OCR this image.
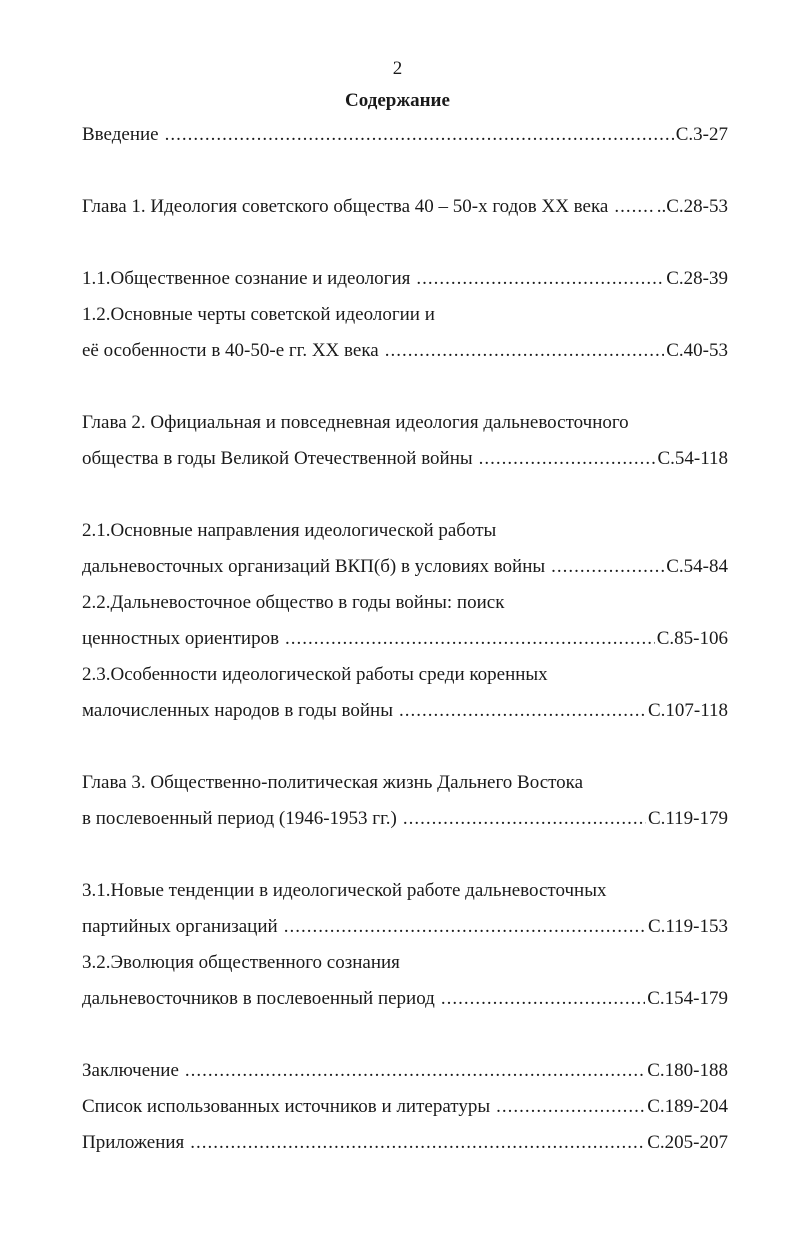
2
Содержание
Введение .....	С.3-27
Глава 1. Идеология советского общества 40 – 50-х годов XX века .....	..С.28-53
1.1.Общественное сознание и идеология .....	С.28-39
1.2.Основные черты советской идеологии и
её особенности в 40-50-е гг. XX века .....	С.40-53
Глава 2. Официальная и повседневная идеология дальневосточного
общества в годы Великой Отечественной войны .....	С.54-118
2.1.Основные направления идеологической работы
дальневосточных организаций ВКП(б) в условиях войны .....	С.54-84
2.2.Дальневосточное общество в годы войны: поиск
ценностных ориентиров .....	С.85-106
2.3.Особенности идеологической работы среди коренных
малочисленных народов в годы войны .....	С.107-118
Глава 3. Общественно-политическая жизнь Дальнего Востока
в послевоенный период (1946-1953 гг.) .....	С.119-179
3.1.Новые тенденции в идеологической работе дальневосточных
партийных организаций .....	С.119-153
3.2.Эволюция общественного сознания
дальневосточников в послевоенный период .....	С.154-179
Заключение .....	С.180-188
Список использованных источников и литературы .....	С.189-204
Приложения .....	С.205-207
